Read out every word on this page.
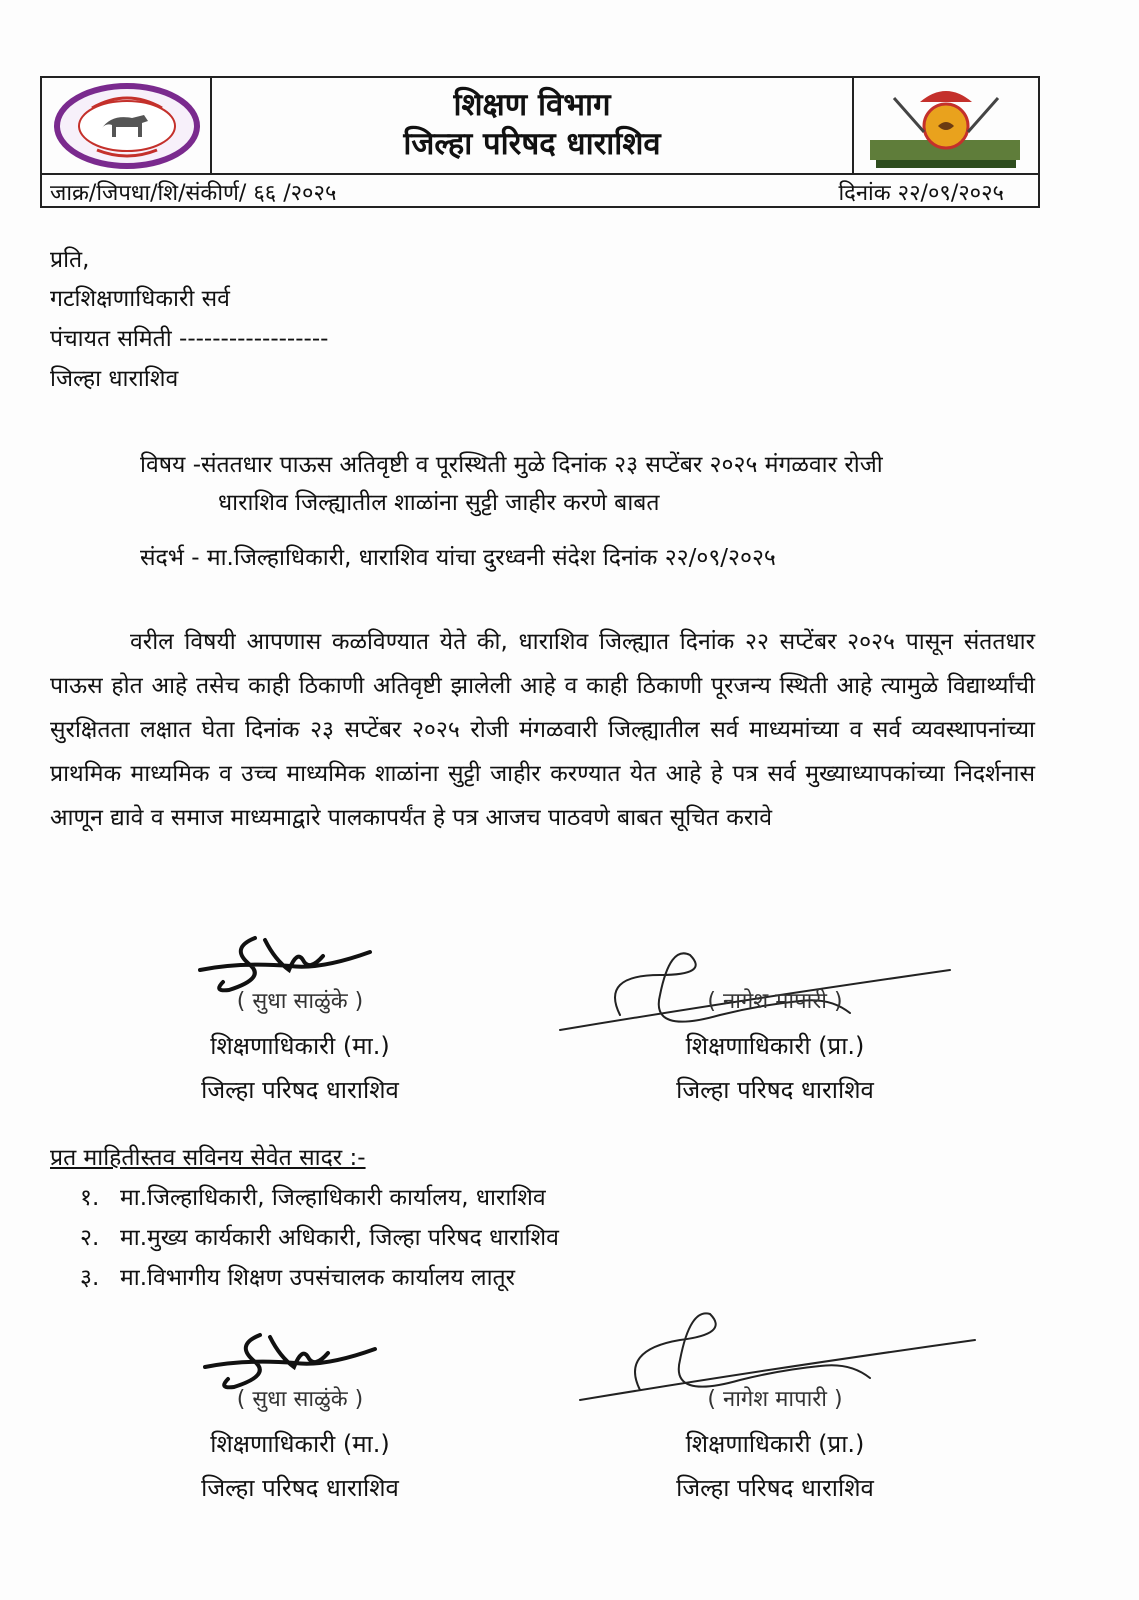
शिक्षण विभाग
जिल्हा परिषद धाराशिव
जाक्र/जिपधा/शि/संकीर्ण/ ६६ /२०२५	दिनांक २२/०९/२०२५
प्रति,
गटशिक्षणाधिकारी सर्व
पंचायत समिती ------------------
जिल्हा धाराशिव
विषय -संततधार पाऊस अतिवृष्टी व पूरस्थिती मुळे दिनांक २३ सप्टेंबर २०२५ मंगळवार रोजी
धाराशिव जिल्ह्यातील शाळांना सुट्टी जाहीर करणे बाबत
संदर्भ - मा.जिल्हाधिकारी, धाराशिव यांचा दुरध्वनी संदेश दिनांक २२/०९/२०२५

वरील विषयी आपणास कळविण्यात येते की, धाराशिव जिल्ह्यात दिनांक २२ सप्टेंबर २०२५ पासून संततधार पाऊस होत आहे तसेच काही ठिकाणी अतिवृष्टी झालेली आहे व काही ठिकाणी पूरजन्य स्थिती आहे त्यामुळे विद्यार्थ्यांची सुरक्षितता लक्षात घेता दिनांक २३ सप्टेंबर २०२५ रोजी मंगळवारी जिल्ह्यातील सर्व माध्यमांच्या व सर्व व्यवस्थापनांच्या प्राथमिक माध्यमिक व उच्च माध्यमिक शाळांना सुट्टी जाहीर करण्यात येत आहे हे पत्र सर्व मुख्याध्यापकांच्या निदर्शनास आणून द्यावे व समाज माध्यमाद्वारे पालकापर्यंत हे पत्र आजच पाठवणे बाबत सूचित करावे

( सुधा साळुंके )
शिक्षणाधिकारी (मा.)
जिल्हा परिषद धाराशिव
( नागेश मापारी )
शिक्षणाधिकारी (प्रा.)
जिल्हा परिषद धाराशिव
प्रत माहितीस्तव सविनय सेवेत सादर :-
१. मा.जिल्हाधिकारी, जिल्हाधिकारी कार्यालय, धाराशिव
२. मा.मुख्य कार्यकारी अधिकारी, जिल्हा परिषद धाराशिव
३. मा.विभागीय शिक्षण उपसंचालक कार्यालय लातूर
( सुधा साळुंके )
शिक्षणाधिकारी (मा.)
जिल्हा परिषद धाराशिव
( नागेश मापारी )
शिक्षणाधिकारी (प्रा.)
जिल्हा परिषद धाराशिव
